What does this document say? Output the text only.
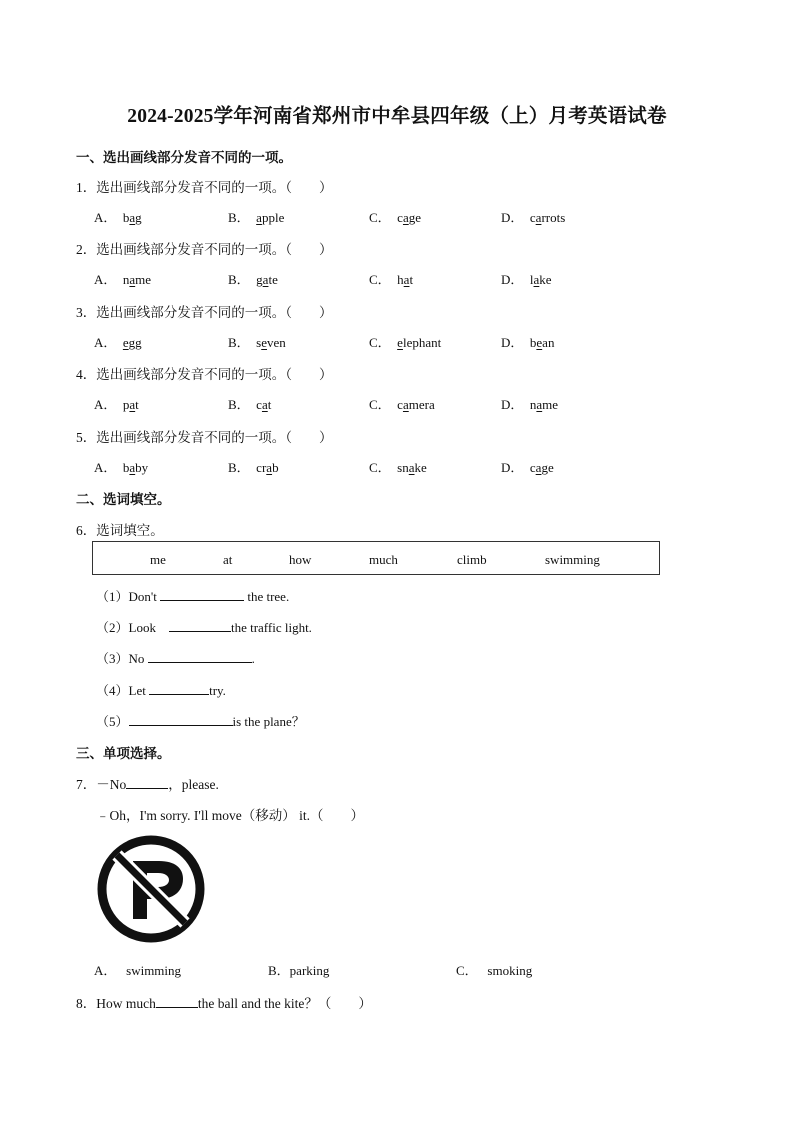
2024-2025学年河南省郑州市中牟县四年级（上）月考英语试卷
一、选出画线部分发音不同的一项。
1．选出画线部分发音不同的一项。（　　）
A． bag	B． apple	C． cage	D． carrots
2．选出画线部分发音不同的一项。（　　）
A． name	B． gate	C． hat	D． lake
3．选出画线部分发音不同的一项。（　　）
A． egg	B． seven	C． elephant	D． bean
4．选出画线部分发音不同的一项。（　　）
A． pat	B． cat	C． camera	D． name
5．选出画线部分发音不同的一项。（　　）
A． baby	B． crab	C． snake	D． cage
二、选词填空。
6．选词填空。
me	at	how	much	climb	swimming
（1）Don't	the tree.
（2）Look	the traffic light.
（3）No	.
（4）Let	try.
（5）	is the plane？
三、单项选择。
7．－No	，please.
﹣Oh，I'm sorry. I'll move（移动） it.（　　）
A． swimming	B．parking	C． smoking
8．How much	the ball and the kite？（　　）
